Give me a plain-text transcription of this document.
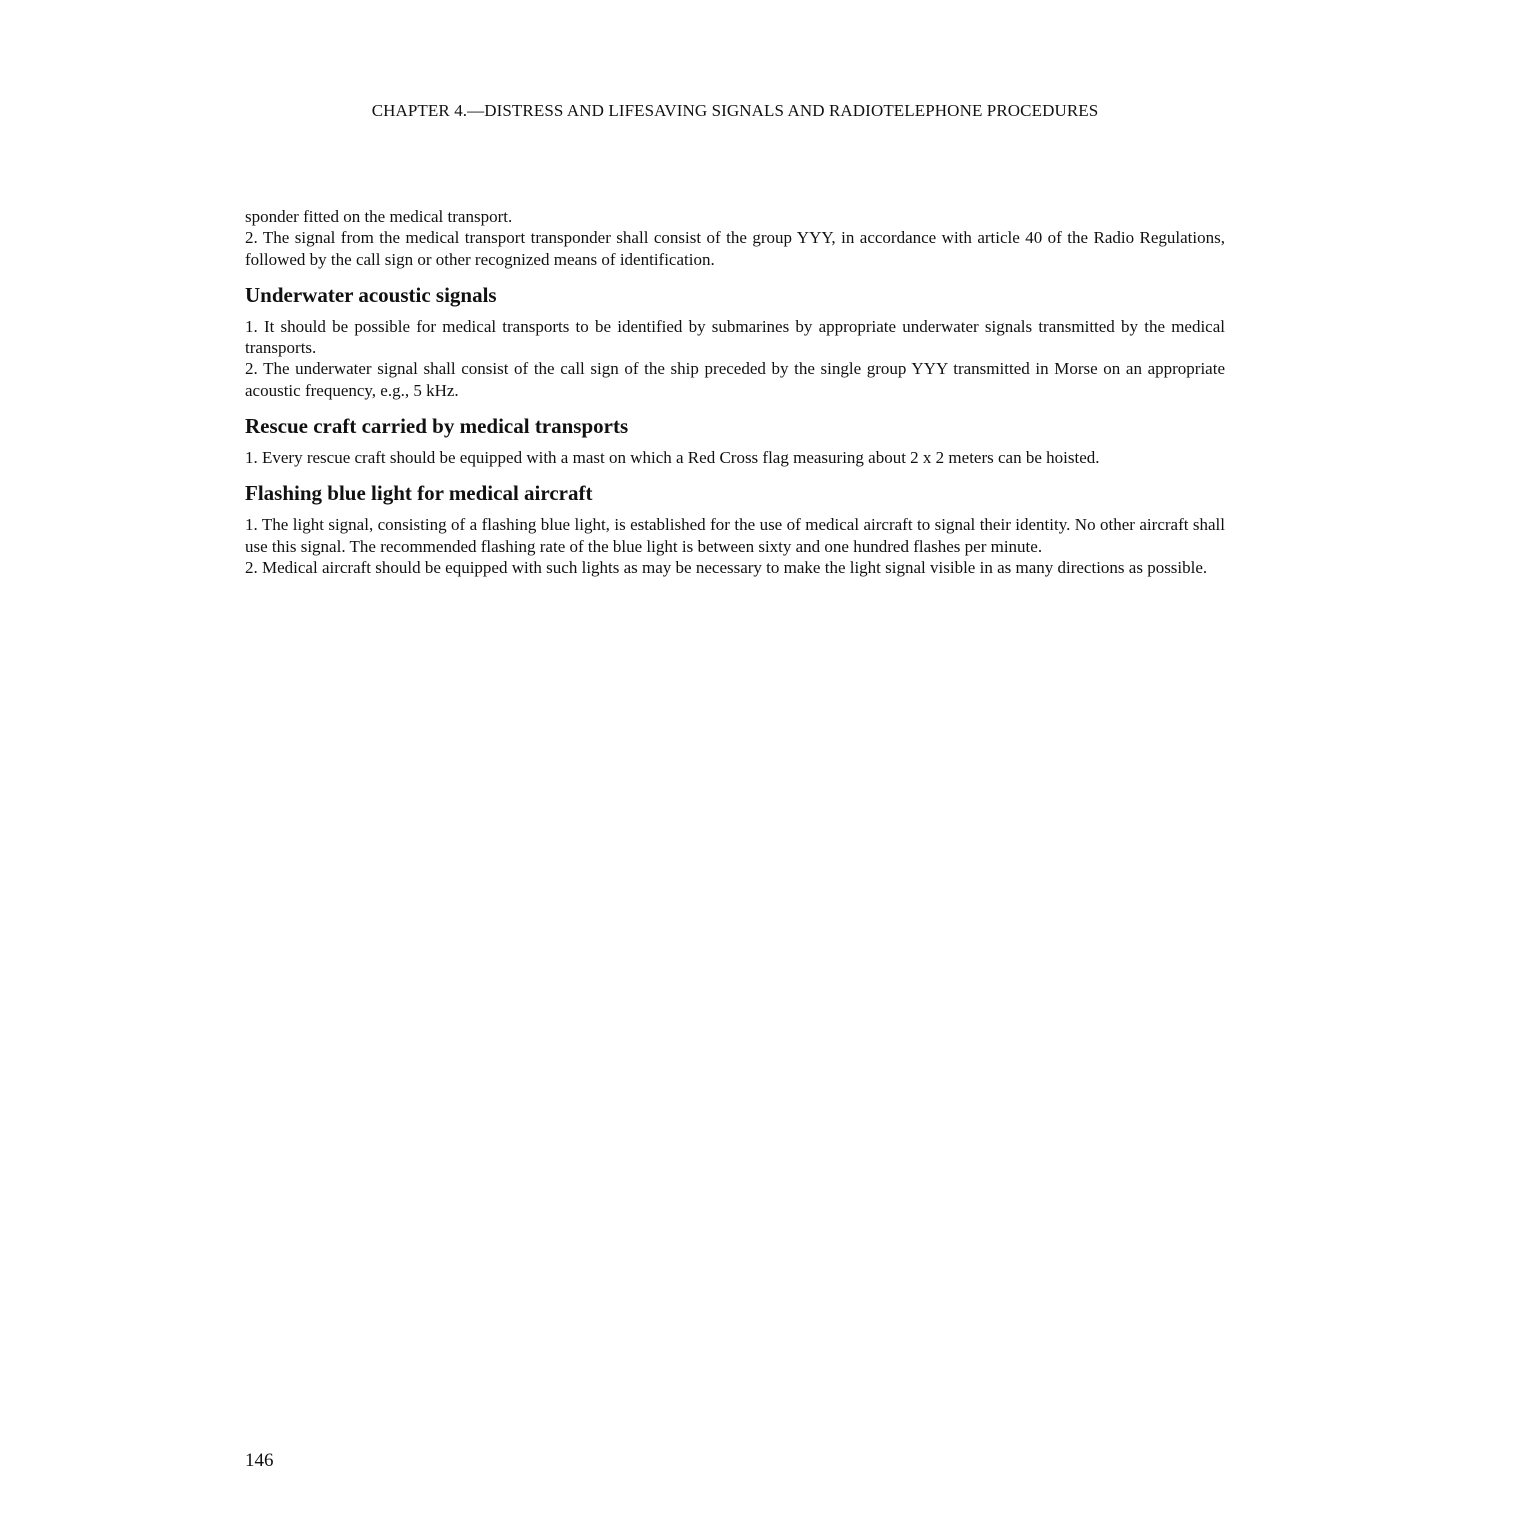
CHAPTER 4.—DISTRESS AND LIFESAVING SIGNALS AND RADIOTELEPHONE PROCEDURES

sponder fitted on the medical transport.

2. The signal from the medical transport transponder shall consist of the group YYY, in accordance with article 40 of the Radio Regulations, followed by the call sign or other recognized means of identification.

Underwater acoustic signals

1. It should be possible for medical transports to be identified by submarines by appropriate underwater signals transmitted by the medical transports.

2. The underwater signal shall consist of the call sign of the ship preceded by the single group YYY transmitted in Morse on an appropriate acoustic frequency, e.g., 5 kHz.

Rescue craft carried by medical transports

1. Every rescue craft should be equipped with a mast on which a Red Cross flag measuring about 2 x 2 meters can be hoisted.

Flashing blue light for medical aircraft

1. The light signal, consisting of a flashing blue light, is established for the use of medical aircraft to signal their identity. No other aircraft shall use this signal. The recommended flashing rate of the blue light is between sixty and one hundred flashes per minute.

2. Medical aircraft should be equipped with such lights as may be necessary to make the light signal visible in as many directions as possible.

146
